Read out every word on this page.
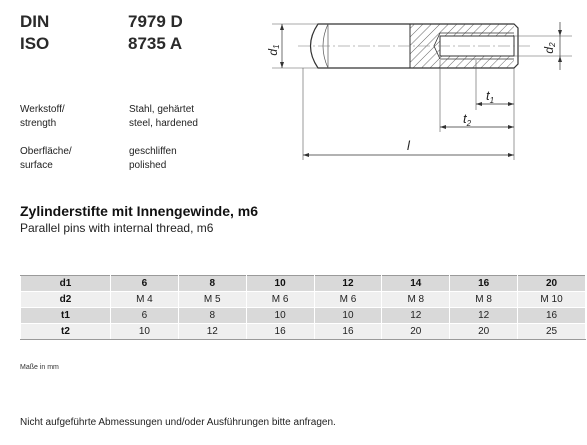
DIN	7979 D
ISO	8735 A	d1
d2
$t_1$
$t_2$
l
Werkstoff/
strength
Stahl, gehärtet
steel, hardened
Oberfläche/
surface
geschliffen
polished
Zylinderstifte mit Innengewinde, m6
Parallel pins with internal thread, m6
d1	6	8	10	12	14	16	20
d2	M 4	M 5	M 6	M 6	M 8	M 8	M 10
t1	6	8	10	10	12	12	16
t2	10	12	16	16	20	20	25
Maße in mm
Nicht aufgeführte Abmessungen und/oder Ausführungen bitte anfragen.
